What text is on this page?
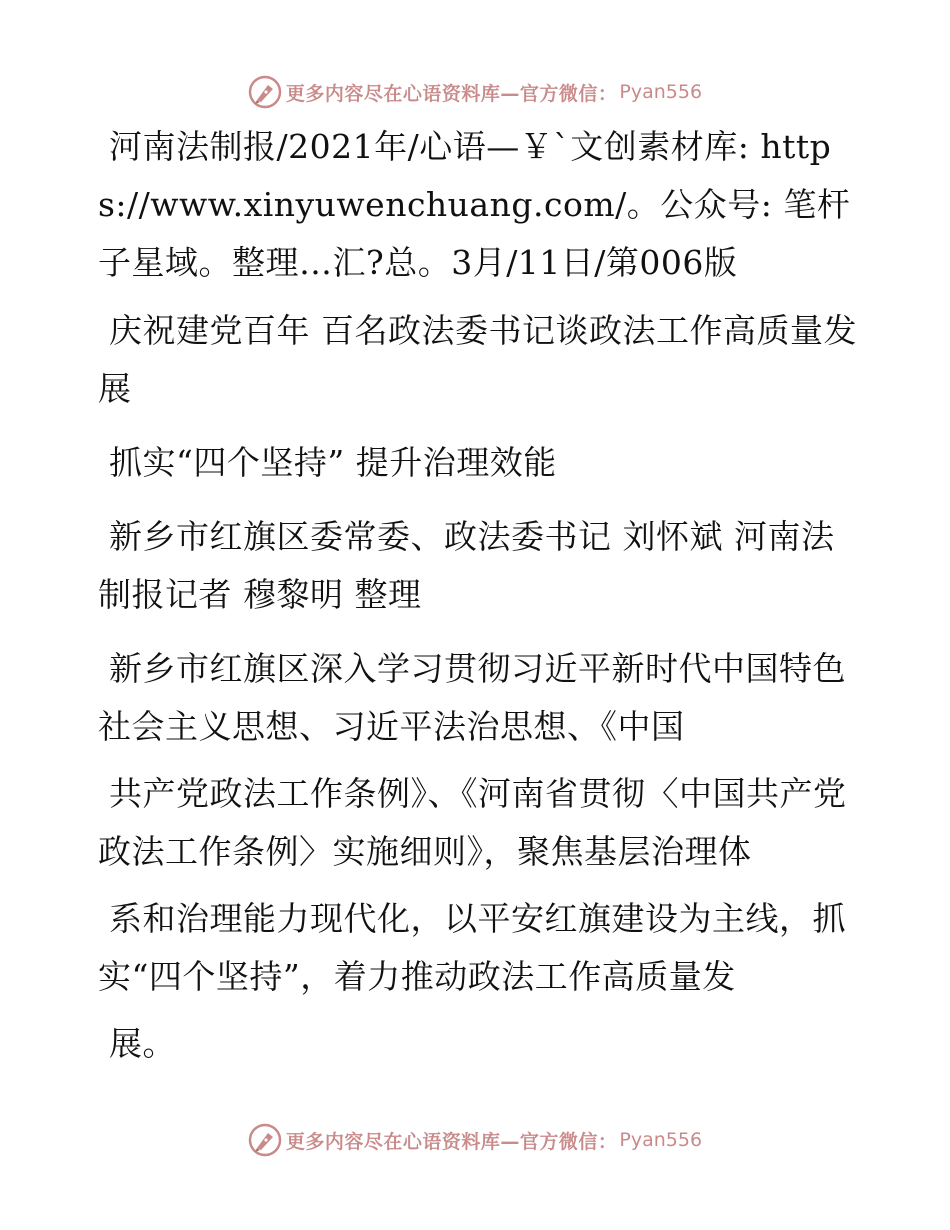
更多内容尽在心语资料库—官方微信： Pyan556

河南法制报/2021年/心语—￥`文创素材库: https://www.xinyuwenchuang.com/。公众号: 笔杆子星域。整理…汇?总。3月/11日/第006版

庆祝建党百年 百名政法委书记谈政法工作高质量发展

抓实“四个坚持” 提升治理效能

新乡市红旗区委常委、政法委书记 刘怀斌 河南法制报记者 穆黎明 整理

新乡市红旗区深入学习贯彻习近平新时代中国特色社会主义思想、习近平法治思想、《中国

共产党政法工作条例》、《河南省贯彻〈中国共产党政法工作条例〉实施细则》，聚焦基层治理体

系和治理能力现代化，以平安红旗建设为主线，抓实“四个坚持”，着力推动政法工作高质量发

展。

更多内容尽在心语资料库—官方微信： Pyan556
